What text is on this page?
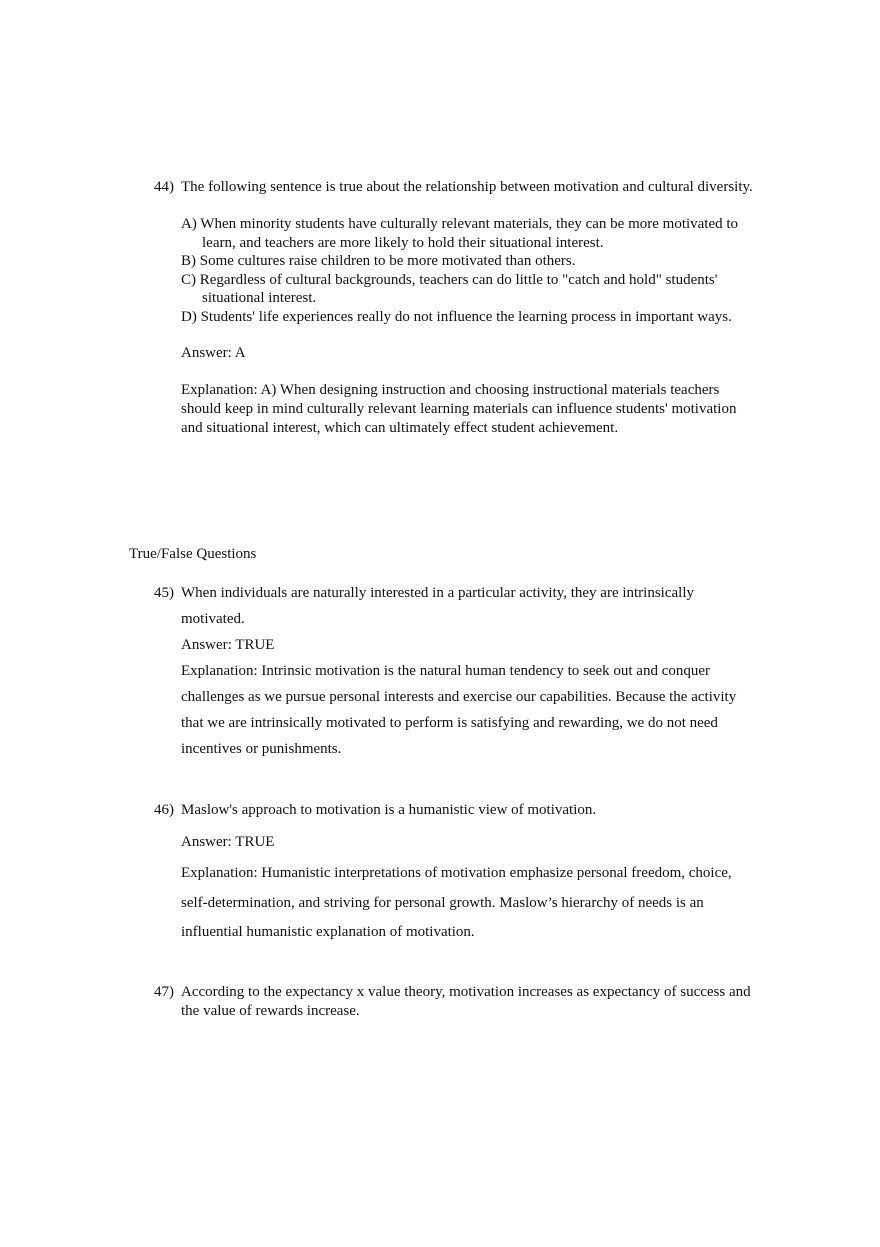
44) The following sentence is true about the relationship between motivation and cultural diversity.
A) When minority students have culturally relevant materials, they can be more motivated to learn, and teachers are more likely to hold their situational interest.
B) Some cultures raise children to be more motivated than others.
C) Regardless of cultural backgrounds, teachers can do little to "catch and hold" students' situational interest.
D) Students' life experiences really do not influence the learning process in important ways.
Answer: A
Explanation: A) When designing instruction and choosing instructional materials teachers should keep in mind culturally relevant learning materials can influence students' motivation and situational interest, which can ultimately effect student achievement.
True/False Questions
45) When individuals are naturally interested in a particular activity, they are intrinsically motivated.
Answer: TRUE
Explanation: Intrinsic motivation is the natural human tendency to seek out and conquer challenges as we pursue personal interests and exercise our capabilities. Because the activity that we are intrinsically motivated to perform is satisfying and rewarding, we do not need incentives or punishments.
46) Maslow's approach to motivation is a humanistic view of motivation.
Answer: TRUE
Explanation: Humanistic interpretations of motivation emphasize personal freedom, choice, self-determination, and striving for personal growth. Maslow’s hierarchy of needs is an influential humanistic explanation of motivation.
47) According to the expectancy x value theory, motivation increases as expectancy of success and the value of rewards increase.
